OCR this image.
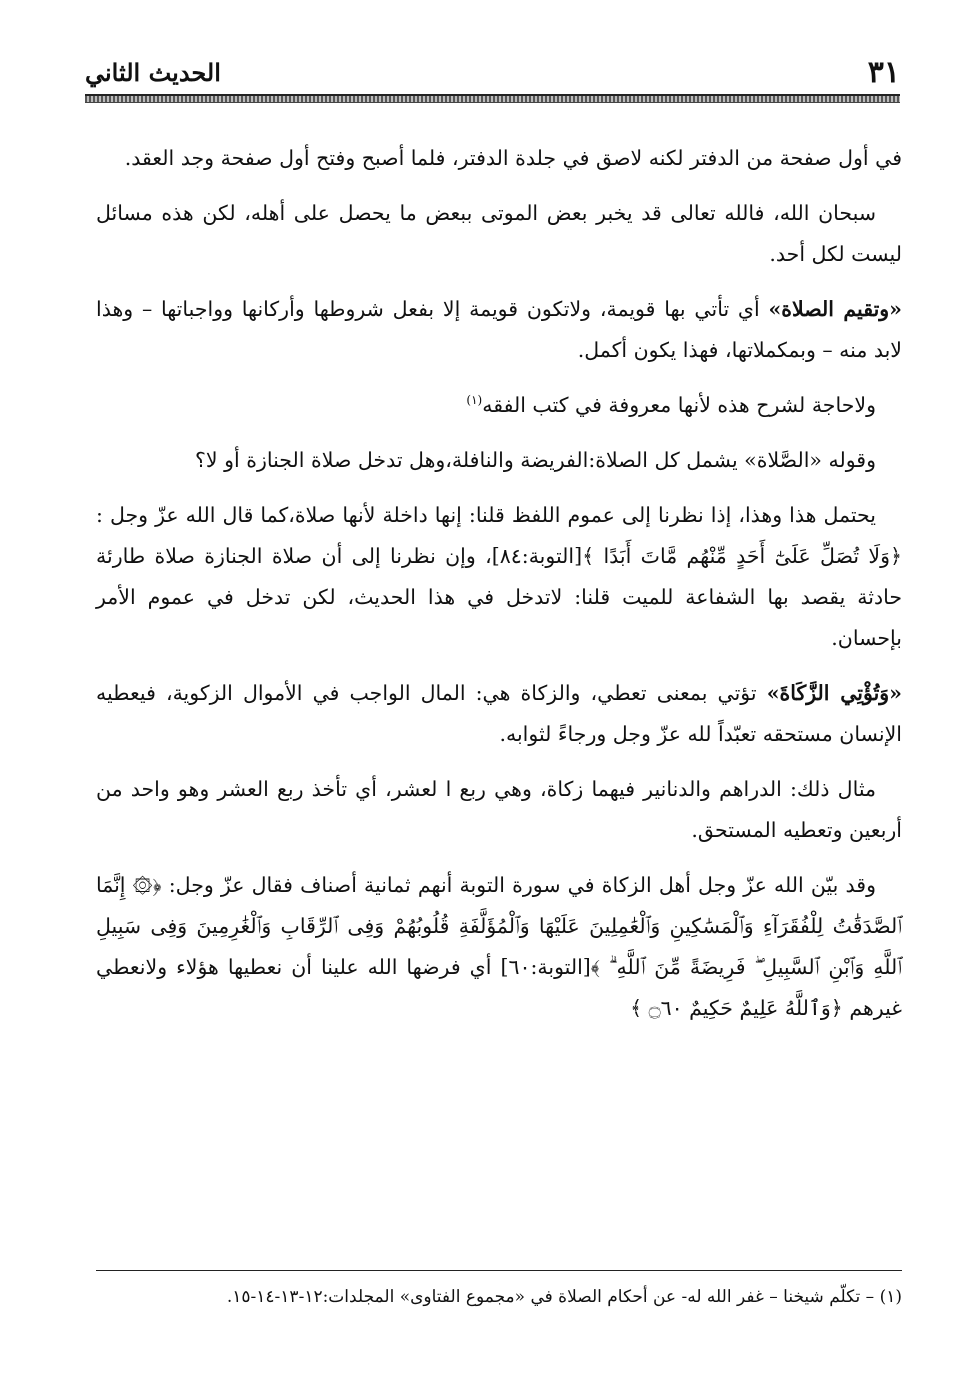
٣١
الحديث الثاني

في أول صفحة من الدفتر لكنه لاصق في جلدة الدفتر، فلما أصبح وفتح أول صفحة وجد العقد.

سبحان الله، فالله تعالى قد يخبر بعض الموتى ببعض ما يحصل على أهله، لكن هذه مسائل ليست لكل أحد.

«وتقيم الصلاة» أي تأتي بها قويمة، ولاتكون قويمة إلا بفعل شروطها وأركانها وواجباتها – وهذا لابد منه – وبمكملاتها، فهذا يكون أكمل.

ولاحاجة لشرح هذه لأنها معروفة في كتب الفقه$^{(١)}$

وقوله «الصَّلاة» يشمل كل الصلاة:الفريضة والنافلة،وهل تدخل صلاة الجنازة أو لا؟

يحتمل هذا وهذا، إذا نظرنا إلى عموم اللفظ قلنا: إنها داخلة لأنها صلاة،كما قال الله عزّ وجل : ﴿وَلَا تُصَلِّ عَلَىٰٓ أَحَدٍ مِّنْهُم مَّاتَ أَبَدًا ﴾[التوبة:٨٤]، وإن نظرنا إلى أن صلاة الجنازة صلاة طارئة حادثة يقصد بها الشفاعة للميت قلنا: لاتدخل في هذا الحديث، لكن تدخل في عموم الأمر بإحسان.

«وَتُؤْتِي الزَّكَاةَ» تؤتي بمعنى تعطي، والزكاة هي: المال الواجب في الأموال الزكوية، فيعطيه الإنسان مستحقه تعبّداً لله عزّ وجل ورجاءً لثوابه.

مثال ذلك: الدراهم والدنانير فيهما زكاة، وهي ربع ا لعشر، أي تأخذ ربع العشر وهو واحد من أربعين وتعطيه المستحق.

وقد بيّن الله عزّ وجل أهل الزكاة في سورة التوبة أنهم ثمانية أصناف فقال عزّ وجل: ﴿۞ إِنَّمَا ٱلصَّدَقَٰتُ لِلْفُقَرَآءِ وَٱلْمَسَٰكِينِ وَٱلْعَٰمِلِينَ عَلَيْهَا وَٱلْمُؤَلَّفَةِ قُلُوبُهُمْ وَفِى ٱلرِّقَابِ وَٱلْغَٰرِمِينَ وَفِى سَبِيلِ ٱللَّهِ وَٱبْنِ ٱلسَّبِيلِ ۖ فَرِيضَةً مِّنَ ٱللَّهِ ۗ ﴾[التوبة:٦٠] أي فرضها الله علينا أن نعطيها هؤلاء ولانعطي غيرهم ﴿وَٱللَّهُ عَلِيمٌ حَكِيمٌ ۝٦٠ ﴾

(١) – تكلّم شيخنا – غفر الله له- عن أحكام الصلاة في «مجموع الفتاوى» المجلدات:١٢-١٣-١٤-١٥.
